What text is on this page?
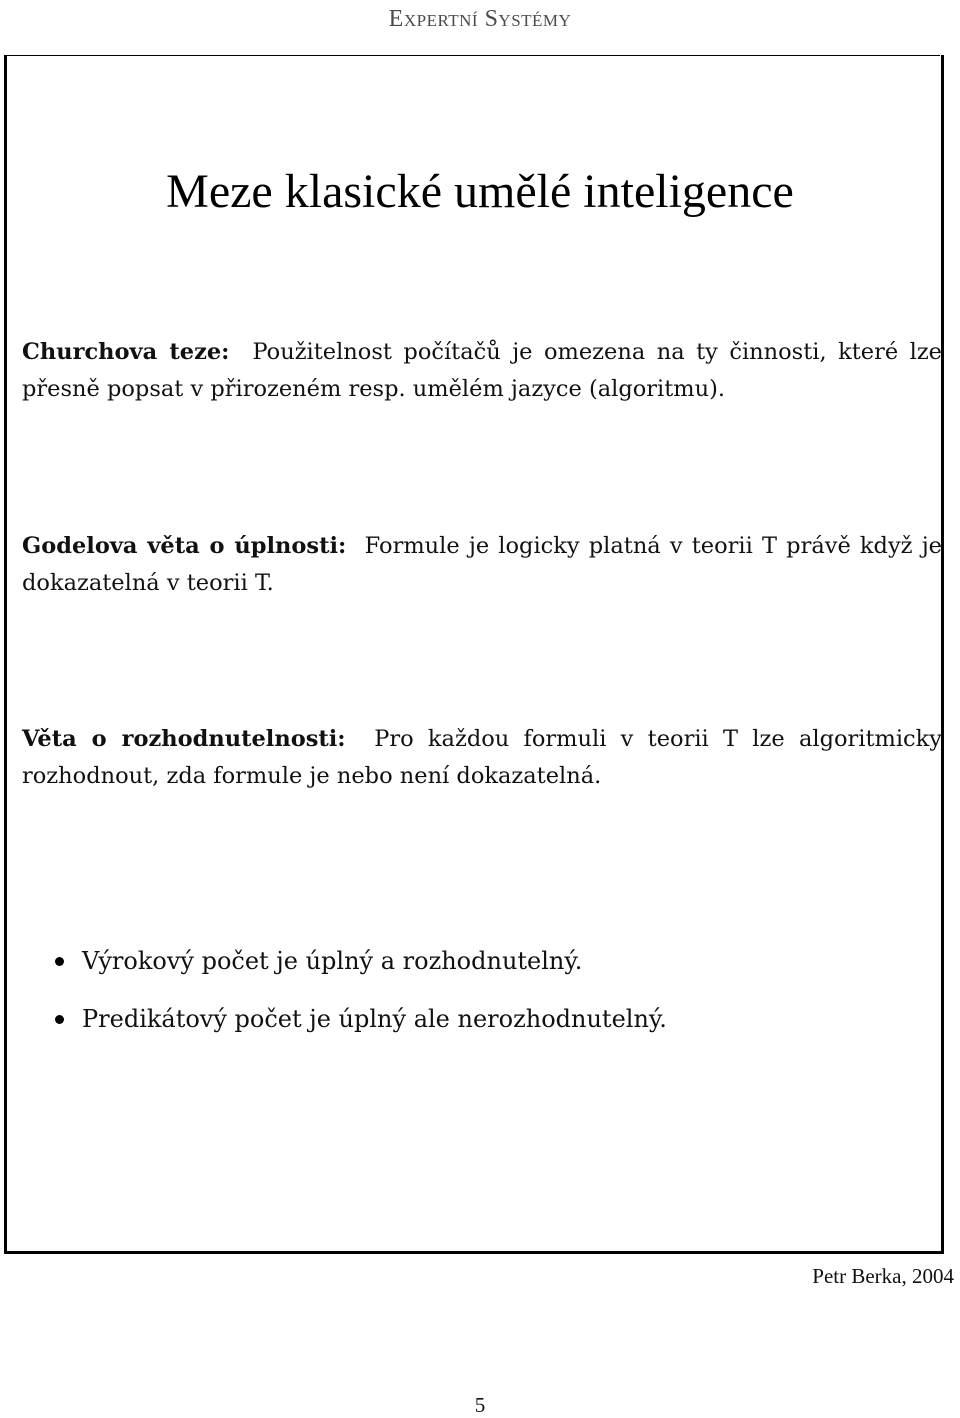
Expertní Systémy
Meze klasické umělé inteligence
Churchova teze: Použitelnost počítačů je omezena na ty činnosti, které lze přesně popsat v přirozeném resp. umělém jazyce (algoritmu).
Godelova věta o úplnosti: Formule je logicky platná v teorii T právě když je dokazatelná v teorii T.
Věta o rozhodnutelnosti: Pro každou formuli v teorii T lze algoritmicky rozhodnout, zda formule je nebo není dokazatelná.
Výrokový počet je úplný a rozhodnutelný.
Predikátový počet je úplný ale nerozhodnutelný.
Petr Berka, 2004
5
